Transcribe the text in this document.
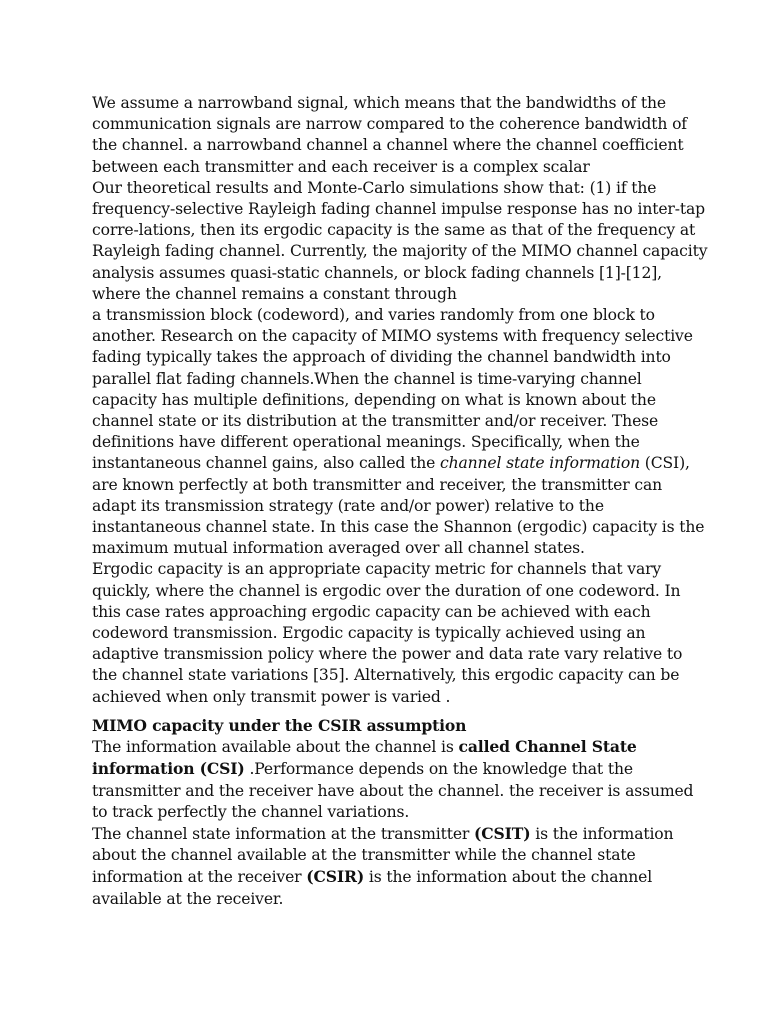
We assume a narrowband signal, which means that the bandwidths of the
communication signals are narrow compared to the coherence bandwidth of
the channel. a narrowband channel a channel where the channel coefficient
between each transmitter and each receiver is a complex scalar
Our theoretical results and Monte-Carlo simulations show that: (1) if the
frequency-selective Rayleigh fading channel impulse response has no inter-tap
corre-lations, then its ergodic capacity is the same as that of the frequency at
Rayleigh fading channel. Currently, the majority of the MIMO channel capacity
analysis assumes quasi-static channels, or block fading channels [1]-[12],
where the channel remains a constant through
a transmission block (codeword), and varies randomly from one block to
another. Research on the capacity of MIMO systems with frequency selective
fading typically takes the approach of dividing the channel bandwidth into
parallel flat fading channels.When the channel is time-varying channel
capacity has multiple definitions, depending on what is known about the
channel state or its distribution at the transmitter and/or receiver. These
definitions have different operational meanings. Specifically, when the
instantaneous channel gains, also called the channel state information (CSI),
are known perfectly at both transmitter and receiver, the transmitter can
adapt its transmission strategy (rate and/or power) relative to the
instantaneous channel state. In this case the Shannon (ergodic) capacity is the
maximum mutual information averaged over all channel states.
Ergodic capacity is an appropriate capacity metric for channels that vary
quickly, where the channel is ergodic over the duration of one codeword. In
this case rates approaching ergodic capacity can be achieved with each
codeword transmission. Ergodic capacity is typically achieved using an
adaptive transmission policy where the power and data rate vary relative to
the channel state variations [35]. Alternatively, this ergodic capacity can be
achieved when only transmit power is varied .
MIMO capacity under the CSIR assumption
The information available about the channel is called Channel State
information (CSI) .Performance depends on the knowledge that the
transmitter and the receiver have about the channel. the receiver is assumed
to track perfectly the channel variations.
The channel state information at the transmitter (CSIT) is the information
about the channel available at the transmitter while the channel state
information at the receiver (CSIR) is the information about the channel
available at the receiver.
